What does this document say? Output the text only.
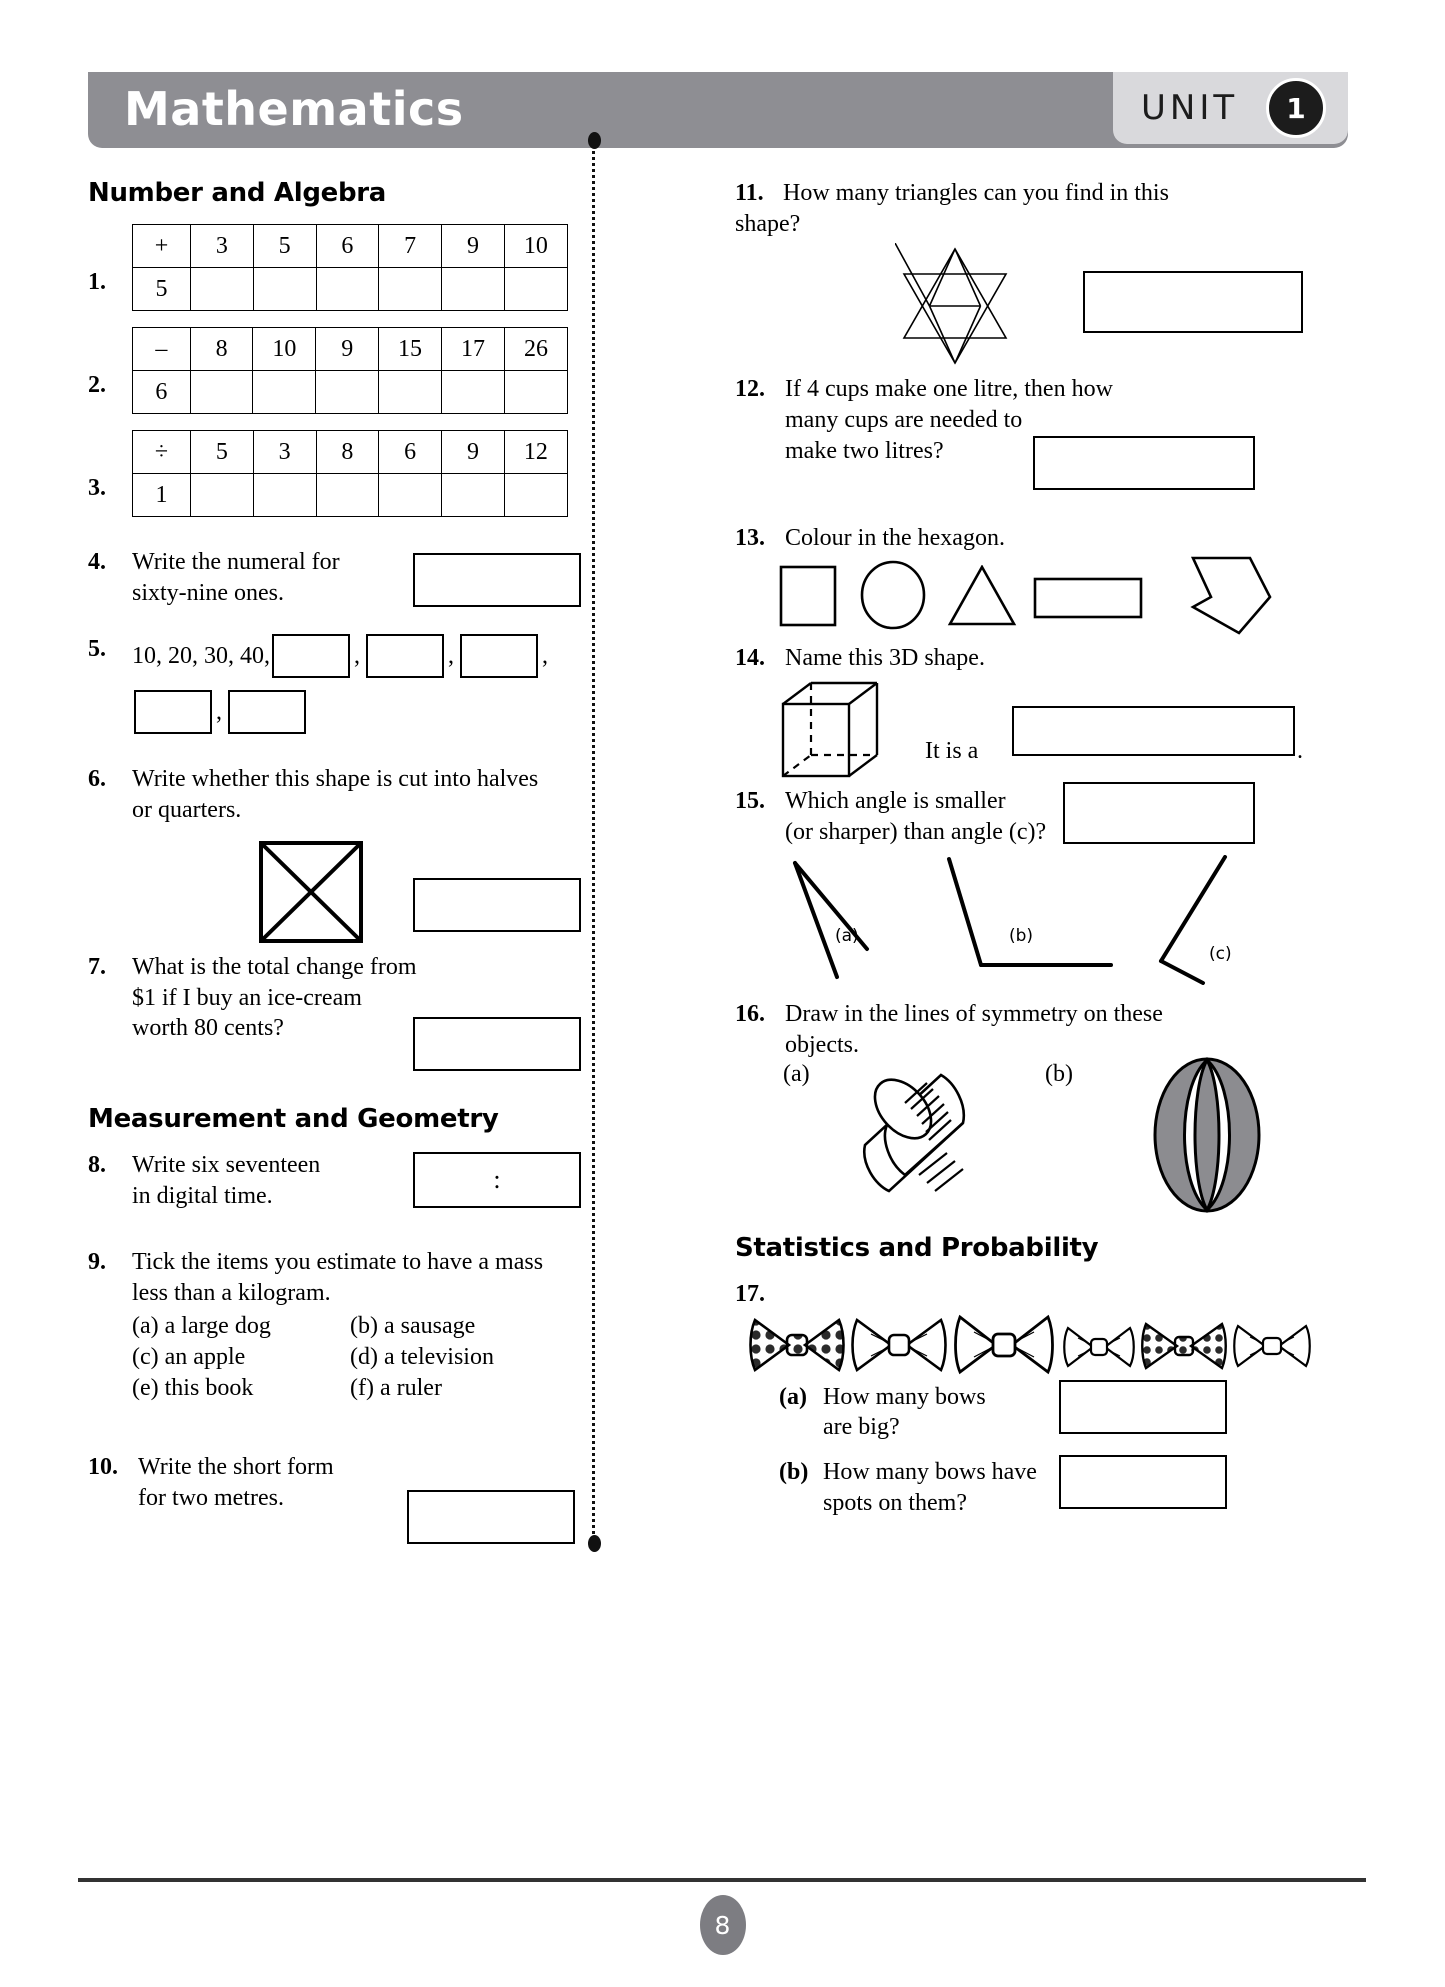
Mathematics	UNIT	1
Number and Algebra
1.
+	3	5	6	7	9	10
5						
2.
–	8	10	9	15	17	26
6						
3.
÷	5	3	8	6	9	12
1						
4.	Write the numeral for
sixty-nine ones.
5.	10, 20, 30, 40,	,	,	,
,
6.	Write whether this shape is cut into halves
or quarters.
7.	What is the total change from
$1 if I buy an ice-cream
worth 80 cents?
Measurement and Geometry
8.	Write six seventeen
in digital time.
:
9.	Tick the items you estimate to have a mass
less than a kilogram.
(a) a large dog	(b) a sausage
(c) an apple	(d) a television
(e) this book	(f) a ruler
10. Write the short form
for two metres.
11. How many triangles can you find in this
shape?
12. If 4 cups make one litre, then how
many cups are needed to
make two litres?
13. Colour in the hexagon.
14. Name this 3D shape.
It is a	.
15. Which angle is smaller
(or sharper) than angle (c)?
(a)	(b)
(c)
16. Draw in the lines of symmetry on these
objects.
(a)	(b)
Statistics and Probability
17.
(a) How many bows
are big?
(b) How many bows have
spots on them?
8
